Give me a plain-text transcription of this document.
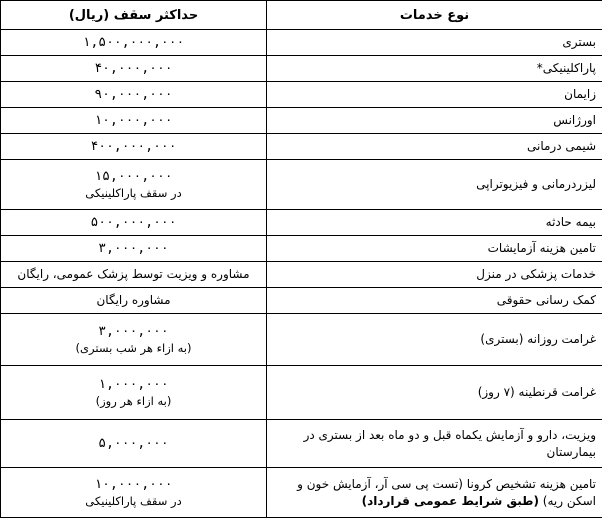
نوع خدمات	حداکثر سقف (ریال)
بستری	۱,۵۰۰,۰۰۰,۰۰۰
پاراکلینیکی*	۴۰,۰۰۰,۰۰۰
زایمان	۹۰,۰۰۰,۰۰۰
اورژانس	۱۰,۰۰۰,۰۰۰
شیمی درمانی	۴۰۰,۰۰۰,۰۰۰
لیزردرمانی و فیزیوتراپی	۱۵,۰۰۰,۰۰۰
در سقف پاراکلینیکی

بیمه حادثه	۵۰۰,۰۰۰,۰۰۰
تامین هزینه آزمایشات	۳,۰۰۰,۰۰۰
خدمات پزشکی در منزل	مشاوره و ویزیت توسط پزشک عمومی، رایگان
کمک رسانی حقوقی	مشاوره رایگان
غرامت روزانه (بستری)	۳,۰۰۰,۰۰۰
(به ازاء هر شب بستری)

غرامت قرنطینه (۷ روز)	۱,۰۰۰,۰۰۰
(به ازاء هر روز)

ویزیت، دارو و آزمایش یکماه قبل و دو ماه بعد از بستری در بیمارستان	۵,۰۰۰,۰۰۰
تامین هزینه تشخیص کرونا (تست پی سی آر، آزمایش خون و
اسکن ریه) (طبق شرایط عمومی قرارداد)	۱۰,۰۰۰,۰۰۰
در سقف پاراکلینیکی
